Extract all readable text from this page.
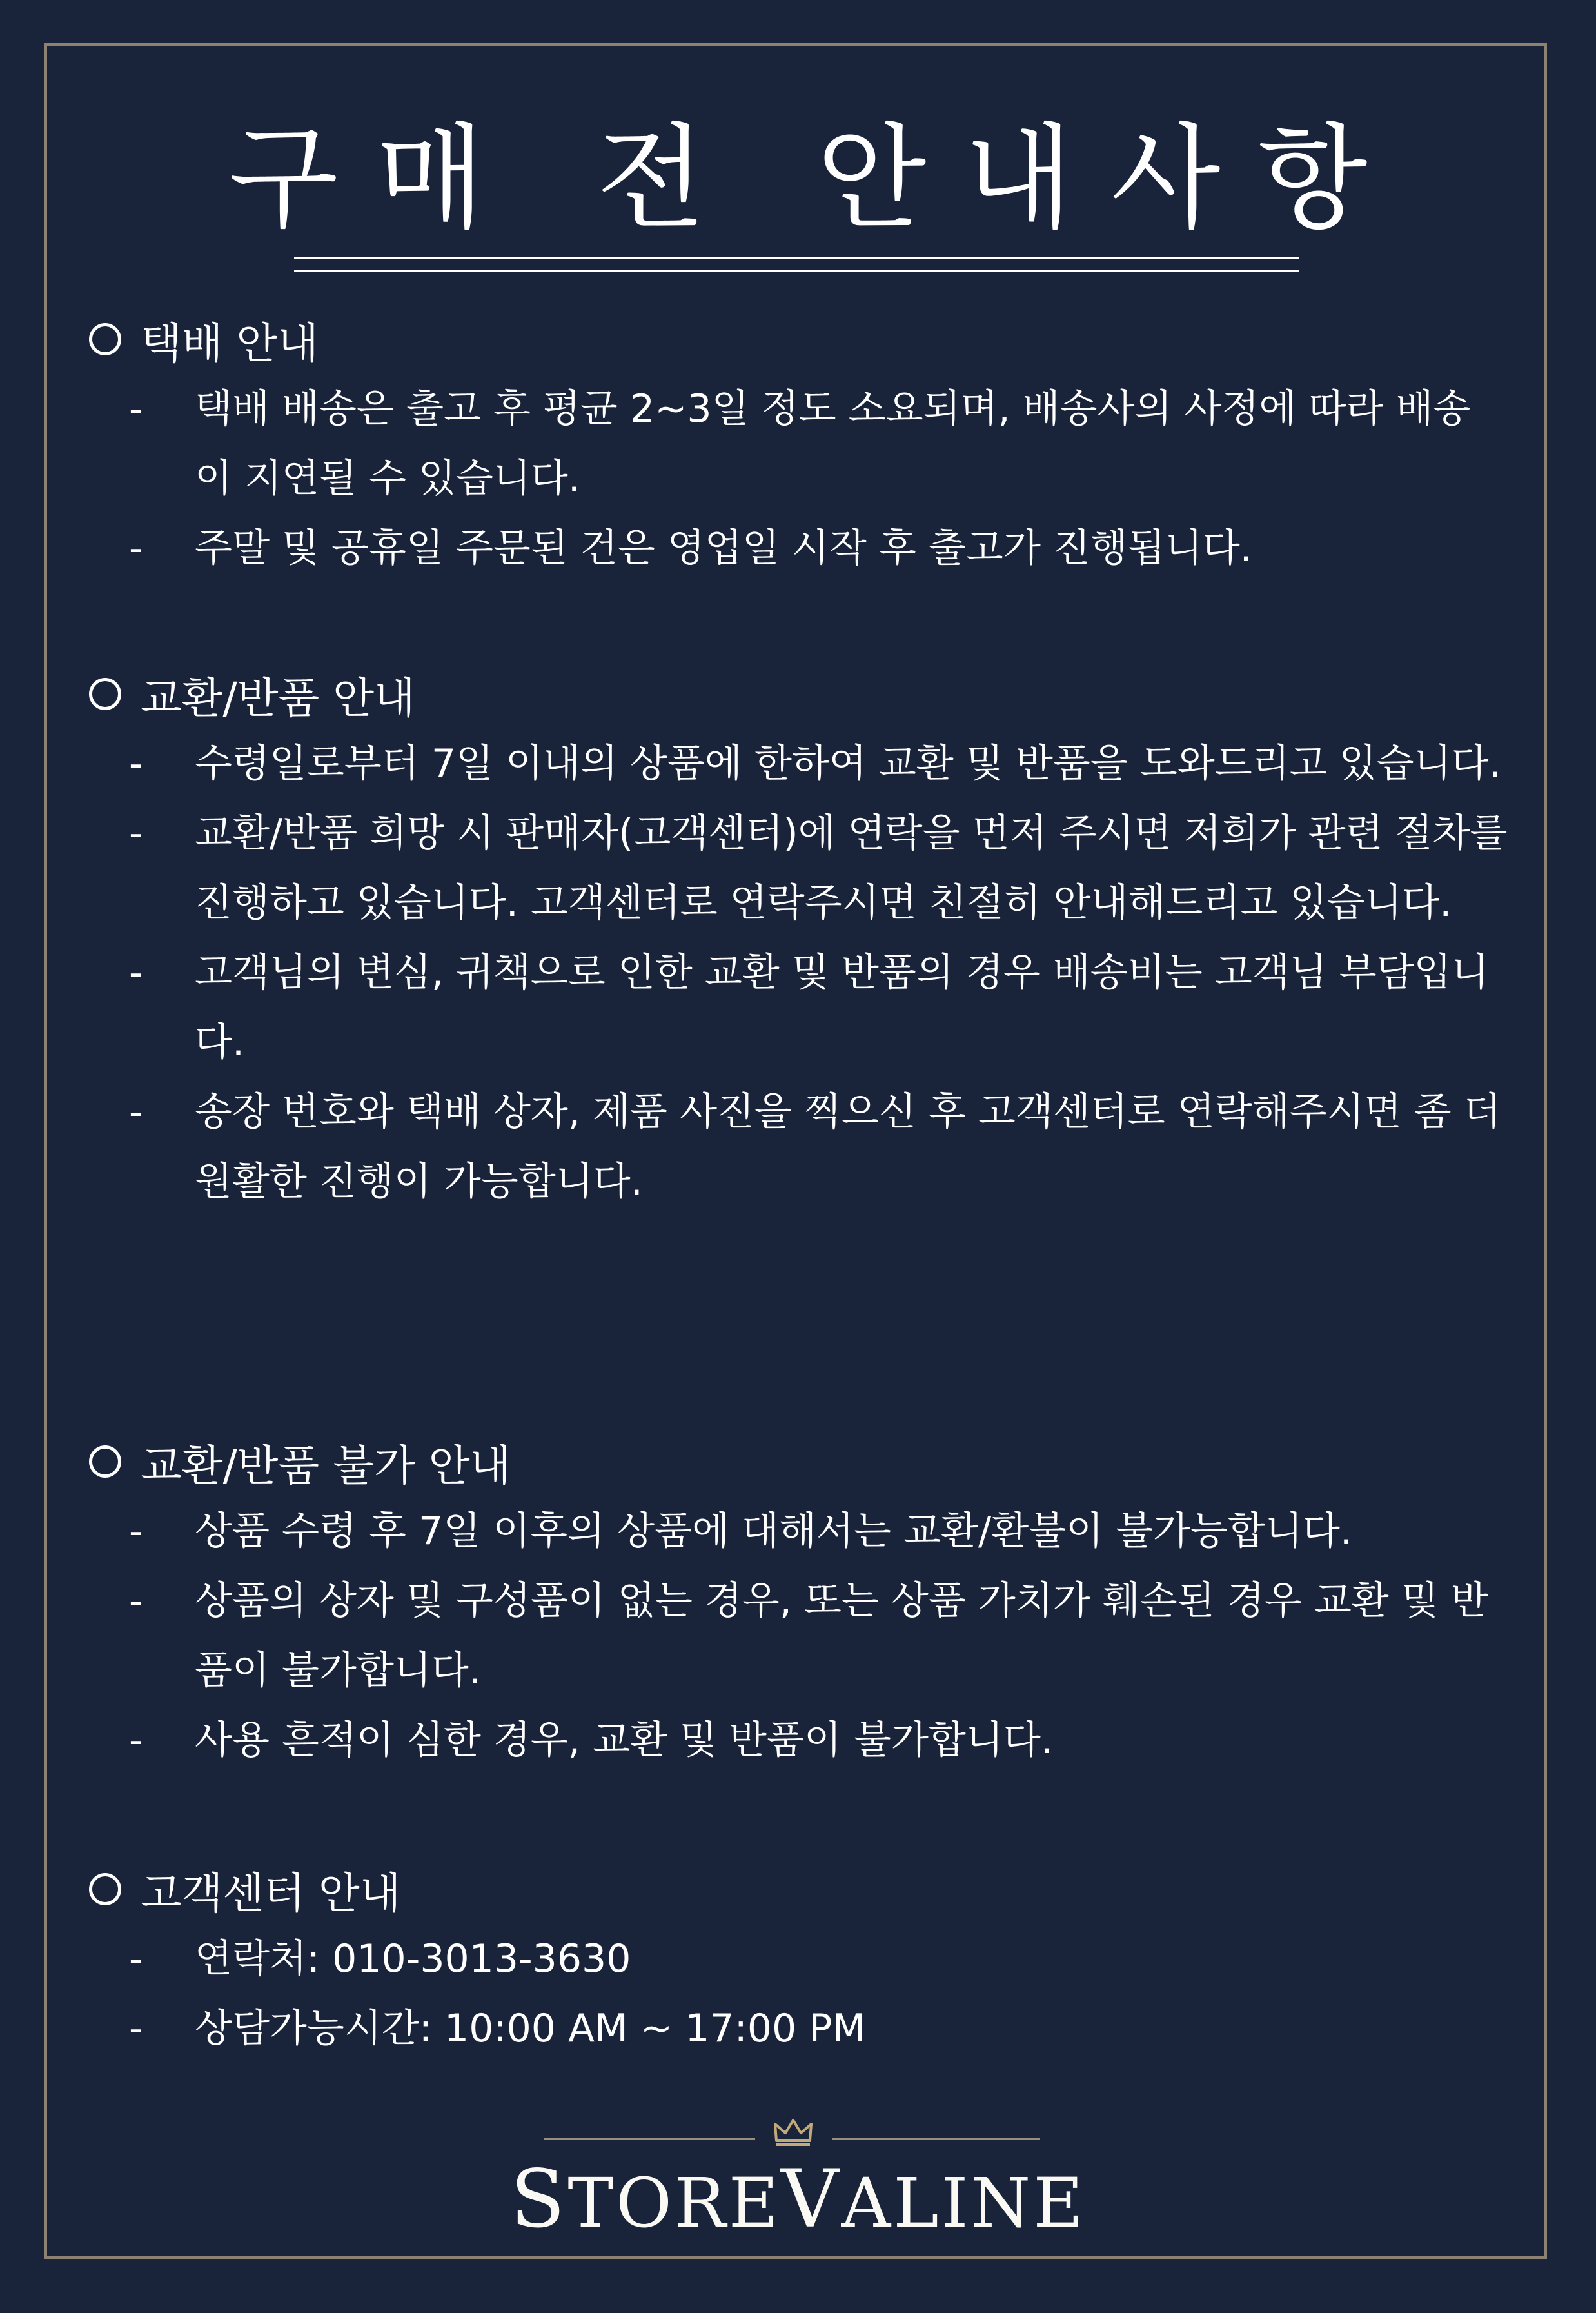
구매 전 안내사항
택배 안내
-	택배 배송은 출고 후 평균 2~3일 정도 소요되며, 배송사의 사정에 따라 배송이 지연될 수 있습니다.
-	주말 및 공휴일 주문된 건은 영업일 시작 후 출고가 진행됩니다.
교환/반품 안내
-	수령일로부터 7일 이내의 상품에 한하여 교환 및 반품을 도와드리고 있습니다.
-	교환/반품 희망 시 판매자(고객센터)에 연락을 먼저 주시면 저희가 관련 절차를 진행하고 있습니다. 고객센터로 연락주시면 친절히 안내해드리고 있습니다.
-	고객님의 변심, 귀책으로 인한 교환 및 반품의 경우 배송비는 고객님 부담입니다.
-	송장 번호와 택배 상자, 제품 사진을 찍으신 후 고객센터로 연락해주시면 좀 더 원활한 진행이 가능합니다.
교환/반품 불가 안내
-	상품 수령 후 7일 이후의 상품에 대해서는 교환/환불이 불가능합니다.
-	상품의 상자 및 구성품이 없는 경우, 또는 상품 가치가 훼손된 경우 교환 및 반품이 불가합니다.
-	사용 흔적이 심한 경우, 교환 및 반품이 불가합니다.
고객센터 안내
-	연락처: 010-3013-3630
-	상담가능시간: 10:00 AM ~ 17:00 PM
STOREVALINE
